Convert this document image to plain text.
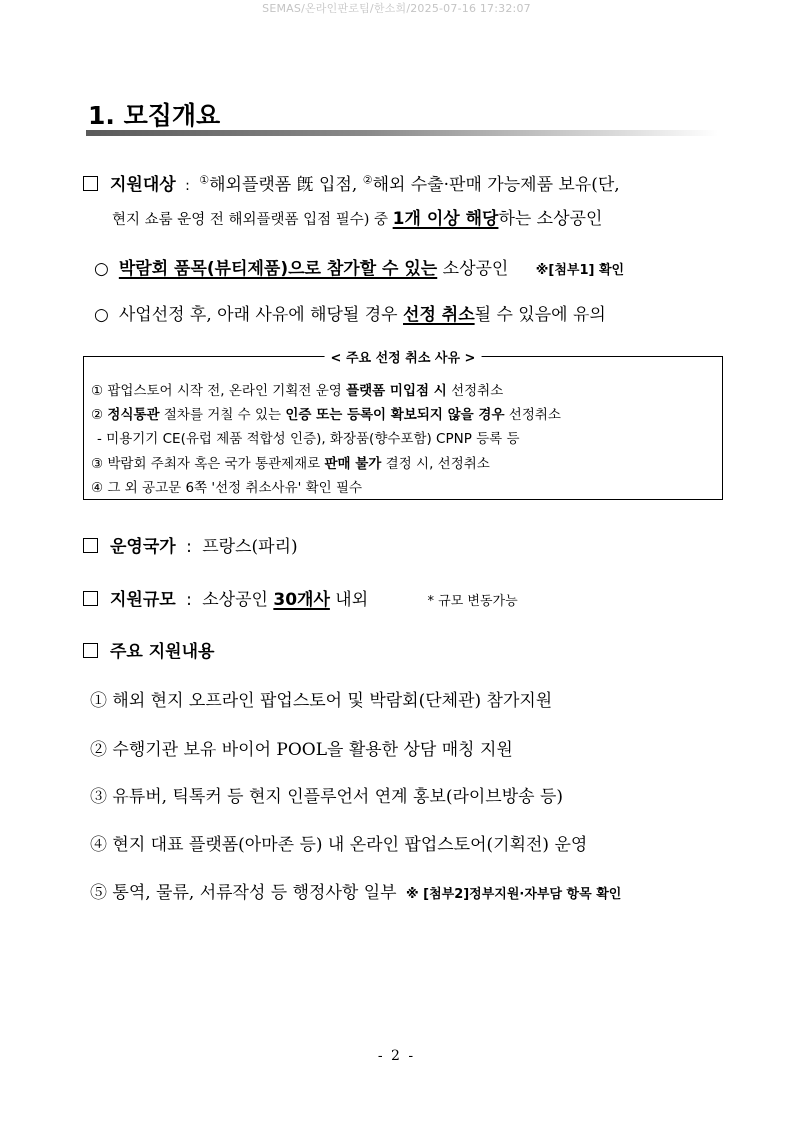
SEMAS/온라인판로팀/한소희/2025-07-16 17:32:07
1. 모집개요
지원대상 : ①해외플랫폼 旣 입점, ②해외 수출·판매 가능제품 보유(단,
현지 쇼룸 운영 전 해외플랫폼 입점 필수) 중 1개 이상 해당하는 소상공인
○ 박람회 품목(뷰티제품)으로 참가할 수 있는 소상공인 ※[첨부1] 확인
○ 사업선정 후, 아래 사유에 해당될 경우 선정 취소될 수 있음에 유의
< 주요 선정 취소 사유 >
① 팝업스토어 시작 전, 온라인 기획전 운영 플랫폼 미입점 시 선정취소
② 정식통관 절차를 거칠 수 있는 인증 또는 등록이 확보되지 않을 경우 선정취소
- 미용기기 CE(유럽 제품 적합성 인증), 화장품(향수포함) CPNP 등록 등
③ 박람회 주최자 혹은 국가 통관제재로 판매 불가 결정 시, 선정취소
④ 그 외 공고문 6쪽 '선정 취소사유' 확인 필수
운영국가 : 프랑스(파리)
지원규모 : 소상공인 30개사 내외	* 규모 변동가능
주요 지원내용
① 해외 현지 오프라인 팝업스토어 및 박람회(단체관) 참가지원
② 수행기관 보유 바이어 POOL을 활용한 상담 매칭 지원
③ 유튜버, 틱톡커 등 현지 인플루언서 연계 홍보(라이브방송 등)
④ 현지 대표 플랫폼(아마존 등) 내 온라인 팝업스토어(기획전) 운영
⑤ 통역, 물류, 서류작성 등 행정사항 일부 ※ [첨부2]정부지원·자부담 항목 확인
- 2 -
